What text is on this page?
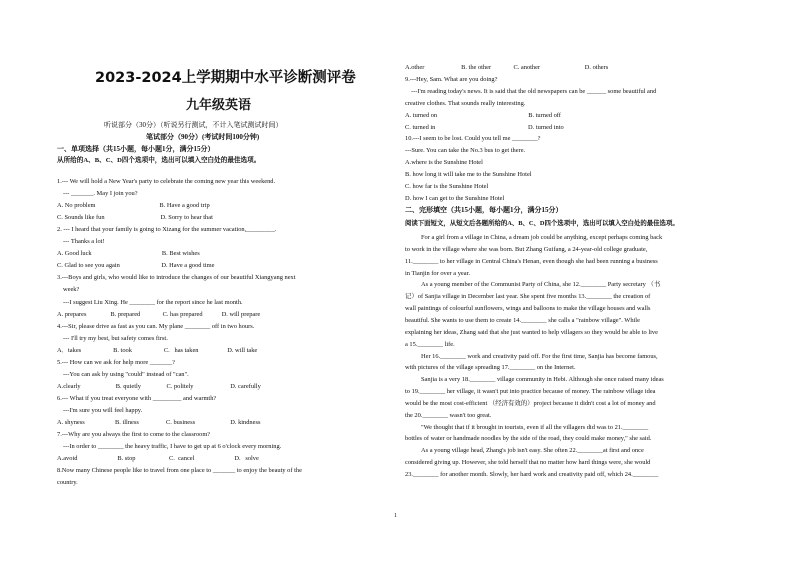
2023-2024上学期期中水平诊断测评卷
九年级英语
听说部分（30分）（听说另行测试，不计入笔试测试时间）
笔试部分（90分）(考试时间100分钟)
一、单项选择（共15小题，每小题1分，满分15分）
从所给的A、B、C、D四个选项中，选出可以填入空白处的最佳选项。
1.--- We will hold a New Year's party to celebrate the coming new year this weekend.
--- _______. May I join you?
A. No problem                                        B. Have a good trip
C. Sounds like fun                                   D. Sorry to hear that
2. --- I heard that your family is going to Xizang for the summer vacation,_________.
--- Thanks a lot!
A. Good luck                                            B. Best wishes
C. Glad to see you again                          D. Have a good time
3.---Boys and girls, who would like to introduce the changes of our beautiful Xiangyang next
week?
---I suggest Liu Xing. He ________ for the report since he last month.
A. prepares               B. prepared              C. has prepared            D. will prepare
4.---Sir, please drive as fast as you can. My plane ________ off in two hours.
--- I'll try my best, but safety comes first.
A．takes                    B. took                    C.   has taken                  D. will take
5.--- How can we ask for help more _______?
---You can ask by using "could" instead of "can".
A.clearly                      B. quietly                C. politely                       D. carefully
6.--- What if you treat everyone with _________ and warmth?
---I'm sure you will feel happy.
A. shyness                   B. illness                 C. business                      D. kindness
7.---Why are you always the first to come to the classroom?
---In order to ________ the heavy traffic, I have to get up at 6 o'clock every morning.
A.avoid                         B. stop                     C.  cancel                         D.   solve
8.Now many Chinese people like to travel from one place to _______ to enjoy the beauty of the
country.
A.other                       B. the other              C. another                            D. others
9.---Hey, Sam. What are you doing?
---I'm reading today's news. It is said that the old newspapers can be ______ some beautiful and
creative clothes. That sounds really interesting.
A. turned on                                                         B. turned off
C. turned in                                                          D. turned into
10.---I seem to be lost. Could you tell me ________?
---Sure. You can take the No.3 bus to get there.
A.where is the Sunshine Hotel
B. how long it will take me to the Sunshine Hotel
C. how far is the Sunshine Hotel
D. how I can get to the Sunshine Hotel
二、完形填空（共15小题，每小题1分，满分15分）
阅读下面短文，从短文后各题所给的A、B、C、D四个选项中，选出可以填入空白处的最佳选项。
For a girl from a village in China, a dream job could be anything, except perhaps coming back
to work in the village where she was born. But Zhang Guifang, a 24-year-old college graduate,
11.________ to her village in Central China's Henan, even though she had been running a business
in Tianjin for over a year.
As a young member of the Communist Party of China, she 12.________ Party secretary （书
记）of Sanjia village in December last year. She spent five months 13.________ the creation of
wall paintings of colourful sunflowers, wings and balloons to make the village houses and walls
beautiful. She wants to use them to create 14.________ she calls a "rainbow village". While
explaining her ideas, Zhang said that she just wanted to help villagers so they would be able to live
a 15.________ life.
Her 16.________ work and creativity paid off. For the first time, Sanjia has become famous,
with pictures of the village spreading 17.________ on the Internet.
Sanjia is a very 18.________ village community in Hebi. Although she once raised many ideas
to 19.________ her village, it wasn't put into practice because of money. The rainbow village idea
would be the most cost-efficient （经济有效的）project because it didn't cost a lot of money and
the 20.________ wasn't too great.
"We thought that if it brought in tourists, even if all the villagers did was to 21.________
bottles of water or handmade noodles by the side of the road, they could make money," she said.
As a young village head, Zhang's job isn't easy. She often 22.________at first and once
considered giving up. However, she told herself that no matter how hard things were, she would
23.________ for another month. Slowly, her hard work and creativity paid off, which 24.________
1
